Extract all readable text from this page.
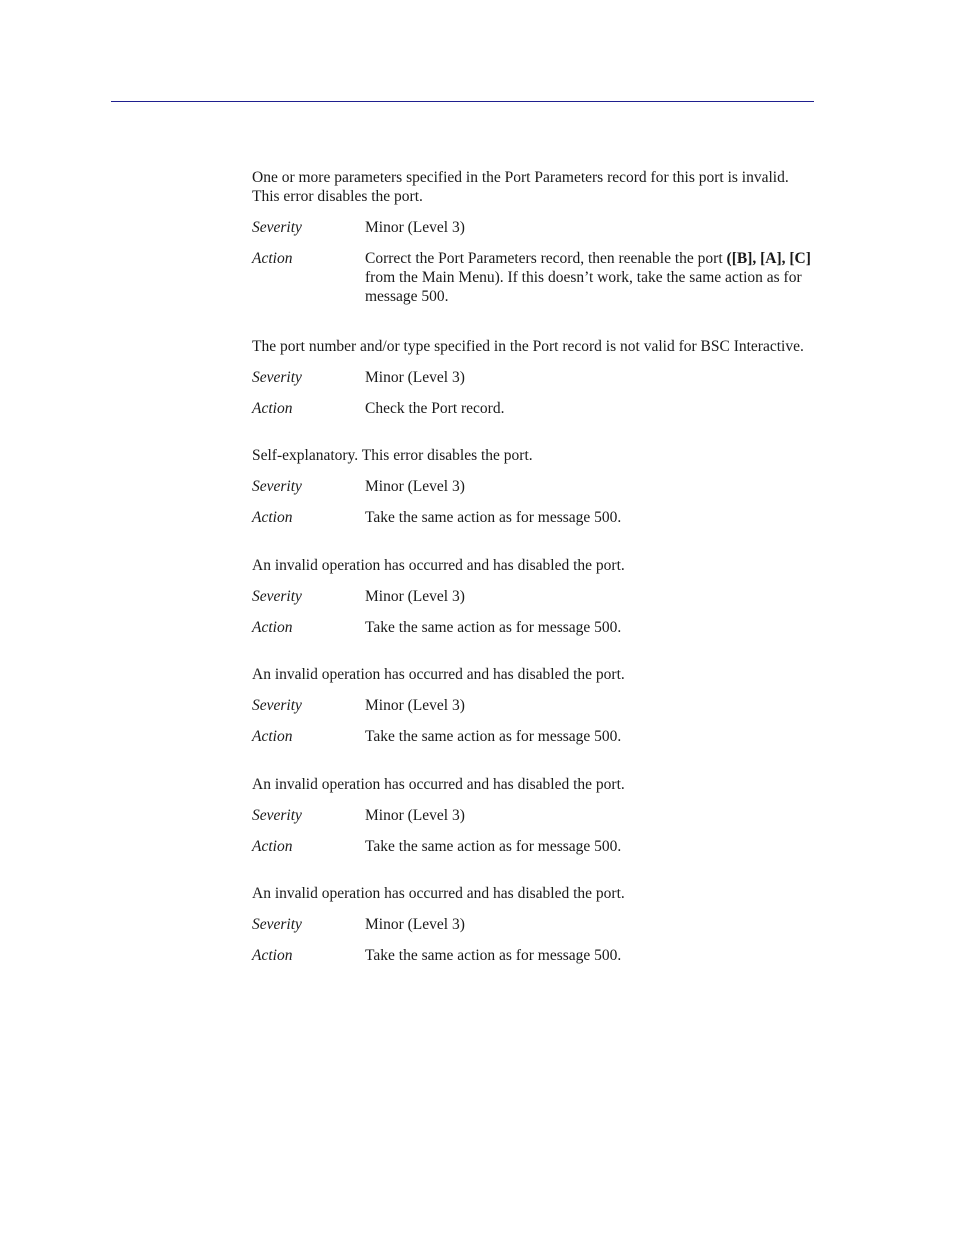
One or more parameters specified in the Port Parameters record for this port is invalid. This error disables the port.

Severity	Minor (Level 3)
Action	Correct the Port Parameters record, then reenable the port ([B], [A], [C] from the Main Menu). If this doesn’t work, take the same action as for message 500.

The port number and/or type specified in the Port record is not valid for BSC Interactive.

Severity	Minor (Level 3)
Action	Check the Port record.

Self-explanatory. This error disables the port.

Severity	Minor (Level 3)
Action	Take the same action as for message 500.

An invalid operation has occurred and has disabled the port.

Severity	Minor (Level 3)
Action	Take the same action as for message 500.

An invalid operation has occurred and has disabled the port.

Severity	Minor (Level 3)
Action	Take the same action as for message 500.

An invalid operation has occurred and has disabled the port.

Severity	Minor (Level 3)
Action	Take the same action as for message 500.

An invalid operation has occurred and has disabled the port.

Severity	Minor (Level 3)
Action	Take the same action as for message 500.
